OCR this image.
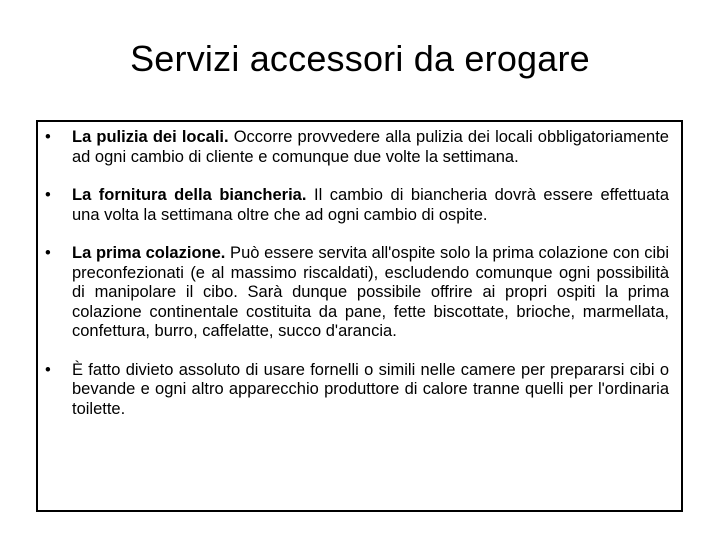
Servizi accessori da erogare
•	La pulizia dei locali. Occorre provvedere alla pulizia dei locali obbligatoriamente ad ogni cambio di cliente e comunque due volte la settimana.
•	La fornitura della biancheria. Il cambio di biancheria dovrà essere effettuata una volta la settimana oltre che ad ogni cambio di ospite.
•	La prima colazione. Può essere servita all'ospite solo la prima colazione con cibi preconfezionati (e al massimo riscaldati), escludendo comunque ogni possibilità di manipolare il cibo. Sarà dunque possibile offrire ai propri ospiti la prima colazione continentale costituita da pane, fette biscottate, brioche, marmellata, confettura, burro, caffelatte, succo d'arancia.
•	È fatto divieto assoluto di usare fornelli o simili nelle camere per prepararsi cibi o bevande e ogni altro apparecchio produttore di calore tranne quelli per l'ordinaria toilette.
